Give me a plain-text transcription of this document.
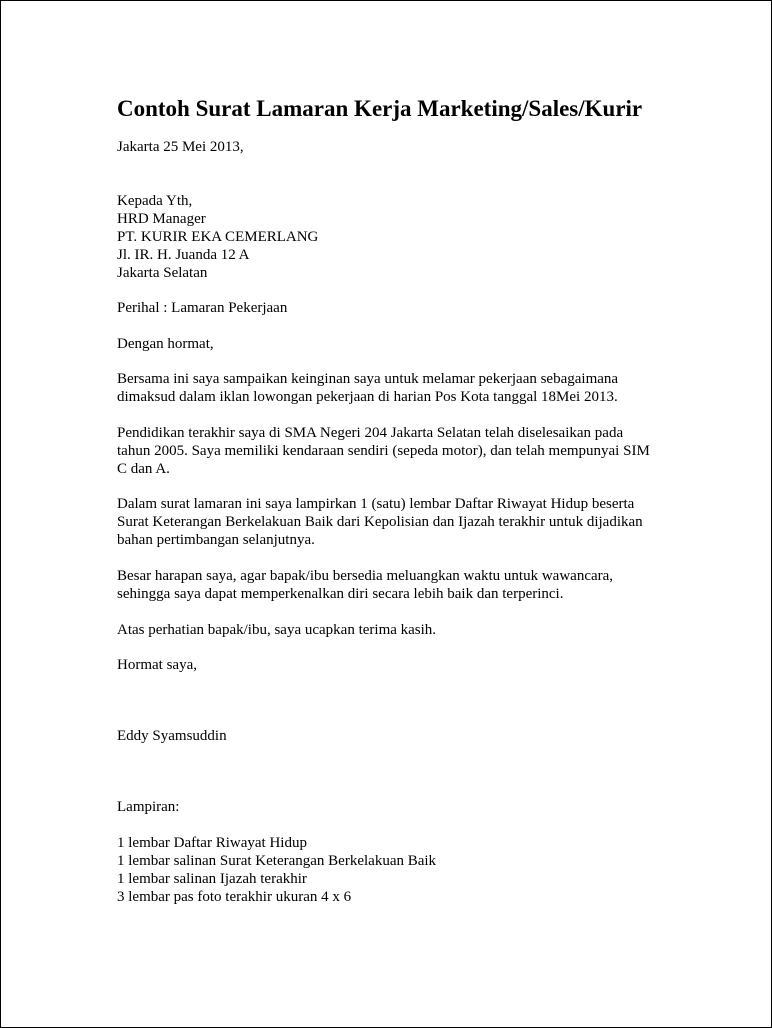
Contoh Surat Lamaran Kerja Marketing/Sales/Kurir

Jakarta 25 Mei 2013,

Kepada Yth,

HRD Manager

PT. KURIR EKA CEMERLANG

Jl. IR. H. Juanda 12 A

Jakarta Selatan

Perihal : Lamaran Pekerjaan

Dengan hormat,

Bersama ini saya sampaikan keinginan saya untuk melamar pekerjaan sebagaimana

dimaksud dalam iklan lowongan pekerjaan di harian Pos Kota tanggal 18Mei 2013.

Pendidikan terakhir saya di SMA Negeri 204 Jakarta Selatan telah diselesaikan pada

tahun 2005. Saya memiliki kendaraan sendiri (sepeda motor), dan telah mempunyai SIM

C dan A.

Dalam surat lamaran ini saya lampirkan 1 (satu) lembar Daftar Riwayat Hidup beserta

Surat Keterangan Berkelakuan Baik dari Kepolisian dan Ijazah terakhir untuk dijadikan

bahan pertimbangan selanjutnya.

Besar harapan saya, agar bapak/ibu bersedia meluangkan waktu untuk wawancara,

sehingga saya dapat memperkenalkan diri secara lebih baik dan terperinci.

Atas perhatian bapak/ibu, saya ucapkan terima kasih.

Hormat saya,

Eddy Syamsuddin

Lampiran:

1 lembar Daftar Riwayat Hidup

1 lembar salinan Surat Keterangan Berkelakuan Baik

1 lembar salinan Ijazah terakhir

3 lembar pas foto terakhir ukuran 4 x 6
